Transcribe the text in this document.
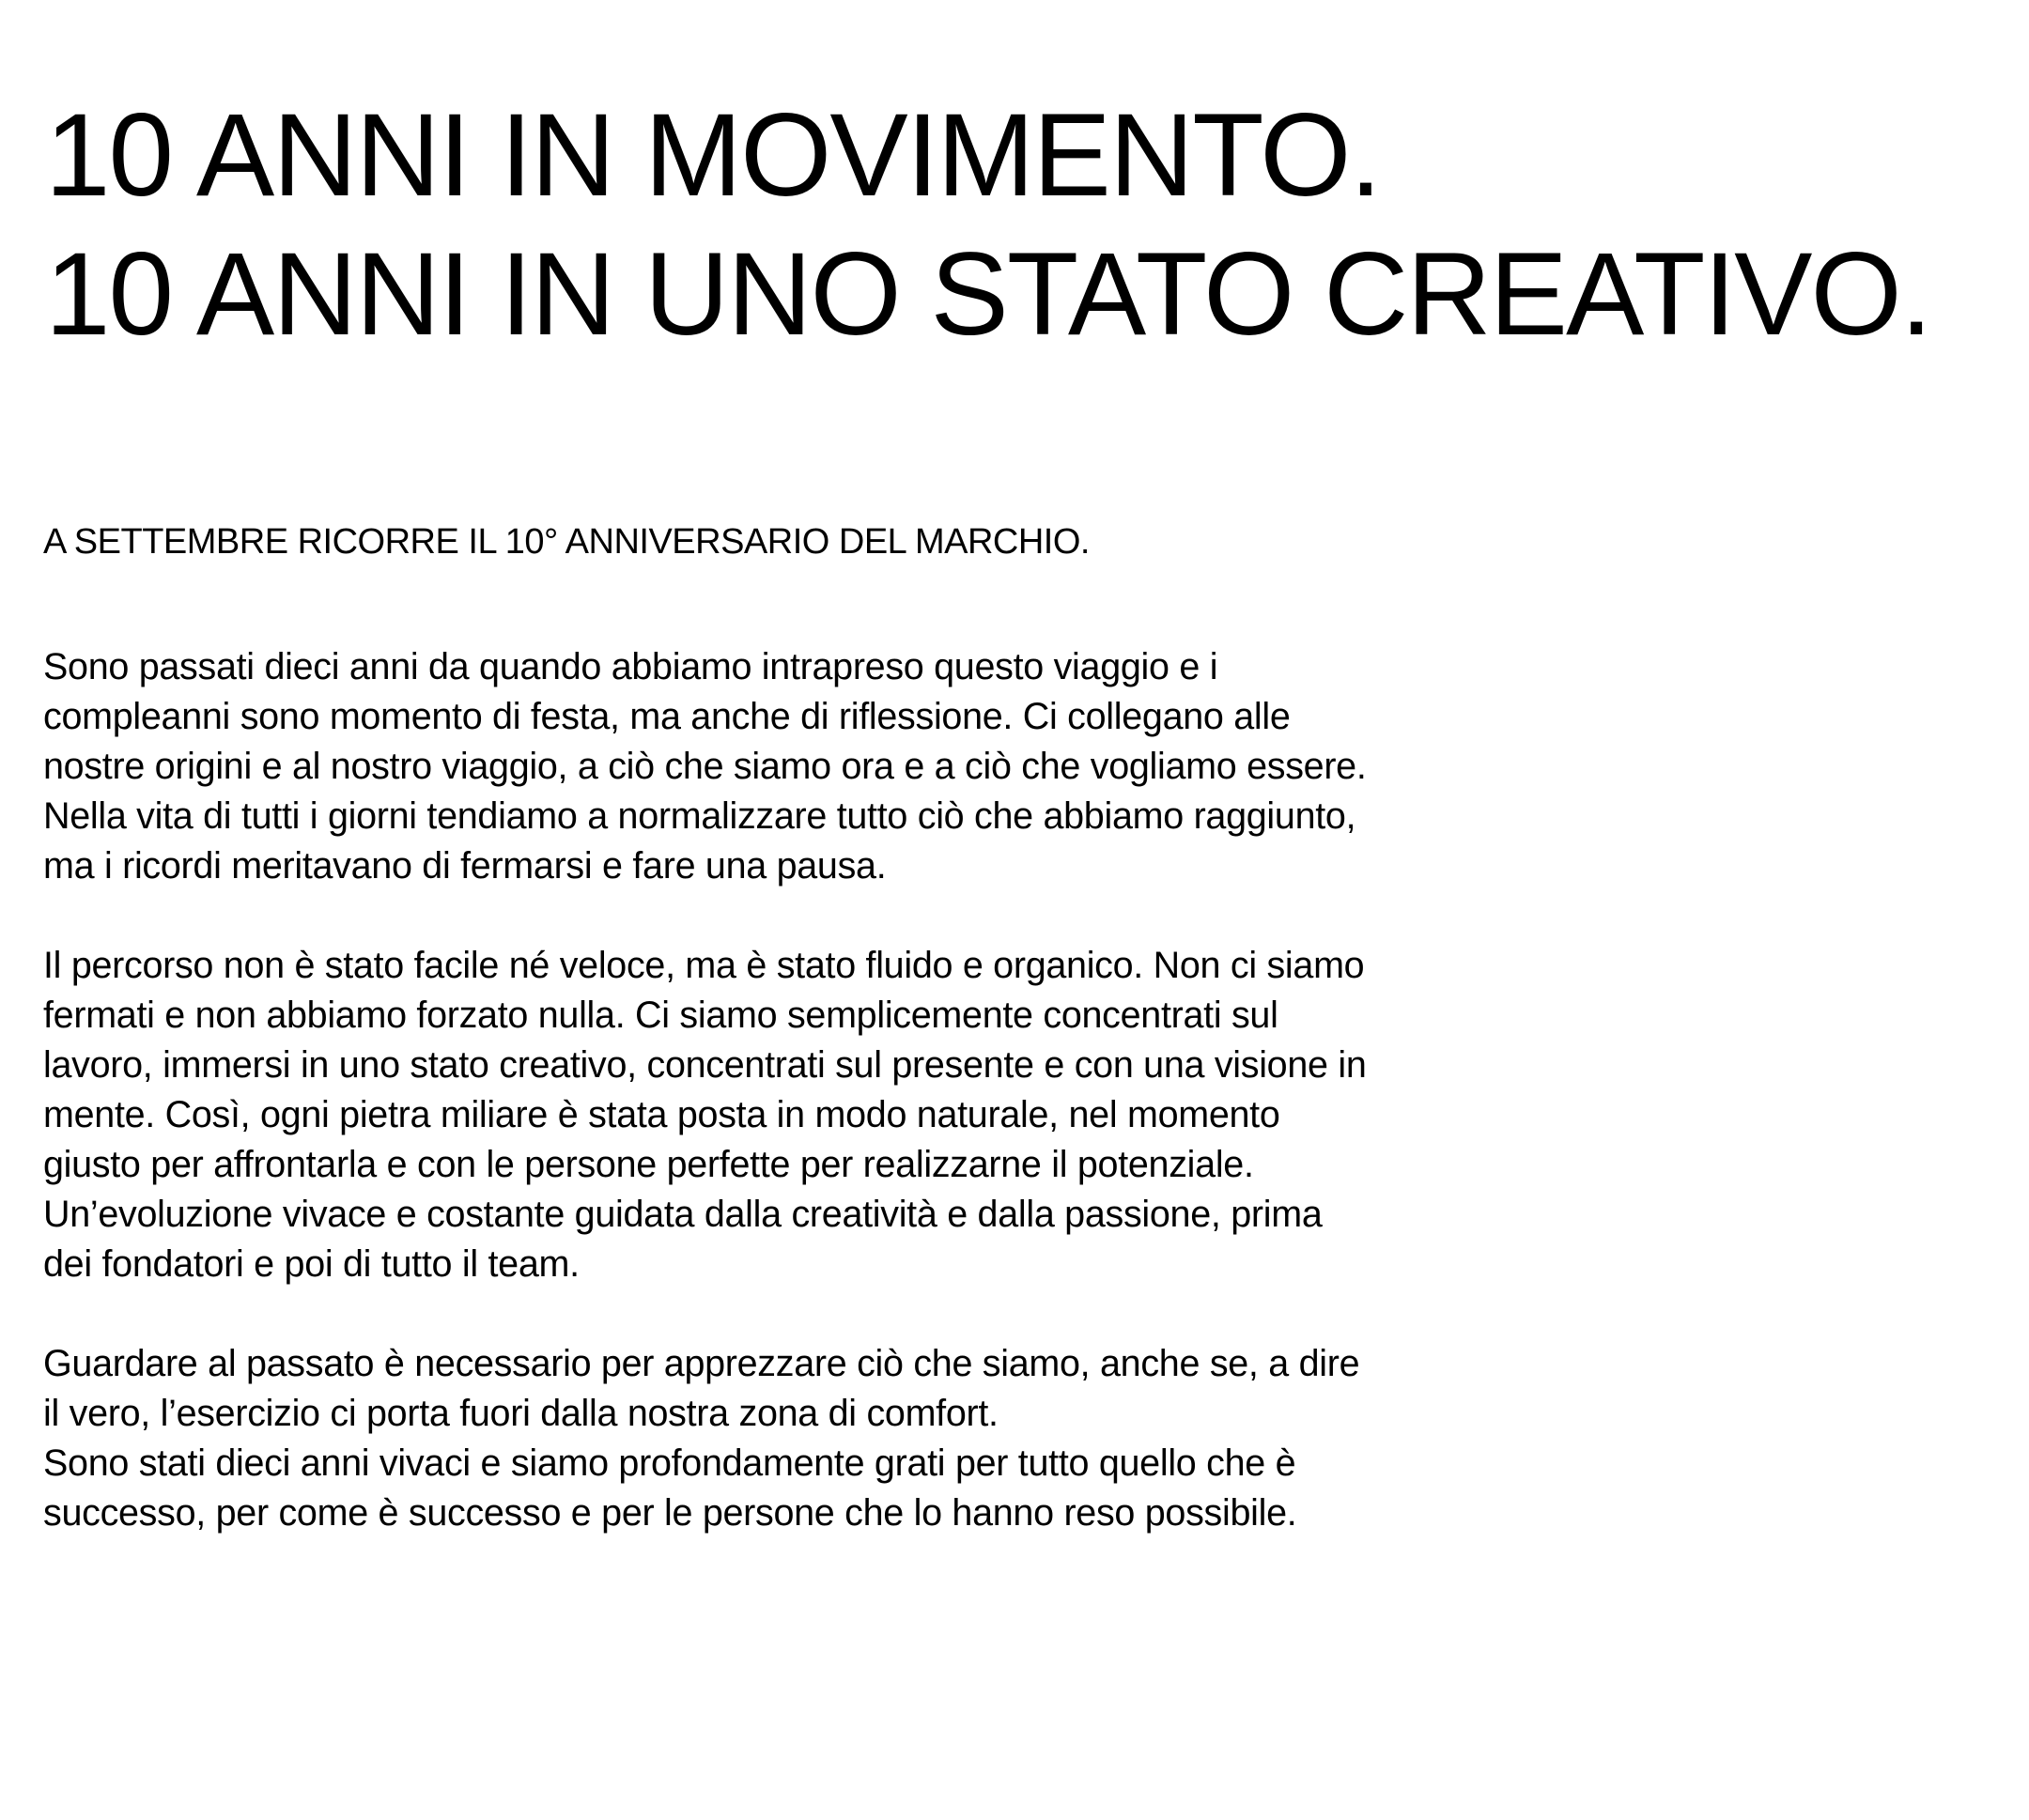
10 ANNI IN MOVIMENTO.
10 ANNI IN UNO STATO CREATIVO.

A SETTEMBRE RICORRE IL 10° ANNIVERSARIO DEL MARCHIO.

Sono passati dieci anni da quando abbiamo intrapreso questo viaggio e i
compleanni sono momento di festa, ma anche di riflessione. Ci collegano alle
nostre origini e al nostro viaggio, a ciò che siamo ora e a ciò che vogliamo essere.
Nella vita di tutti i giorni tendiamo a normalizzare tutto ciò che abbiamo raggiunto,
ma i ricordi meritavano di fermarsi e fare una pausa.

Il percorso non è stato facile né veloce, ma è stato fluido e organico. Non ci siamo
fermati e non abbiamo forzato nulla. Ci siamo semplicemente concentrati sul
lavoro, immersi in uno stato creativo, concentrati sul presente e con una visione in
mente. Così, ogni pietra miliare è stata posta in modo naturale, nel momento
giusto per affrontarla e con le persone perfette per realizzarne il potenziale.
Un’evoluzione vivace e costante guidata dalla creatività e dalla passione, prima
dei fondatori e poi di tutto il team.

Guardare al passato è necessario per apprezzare ciò che siamo, anche se, a dire
il vero, l’esercizio ci porta fuori dalla nostra zona di comfort.
Sono stati dieci anni vivaci e siamo profondamente grati per tutto quello che è
successo, per come è successo e per le persone che lo hanno reso possibile.
